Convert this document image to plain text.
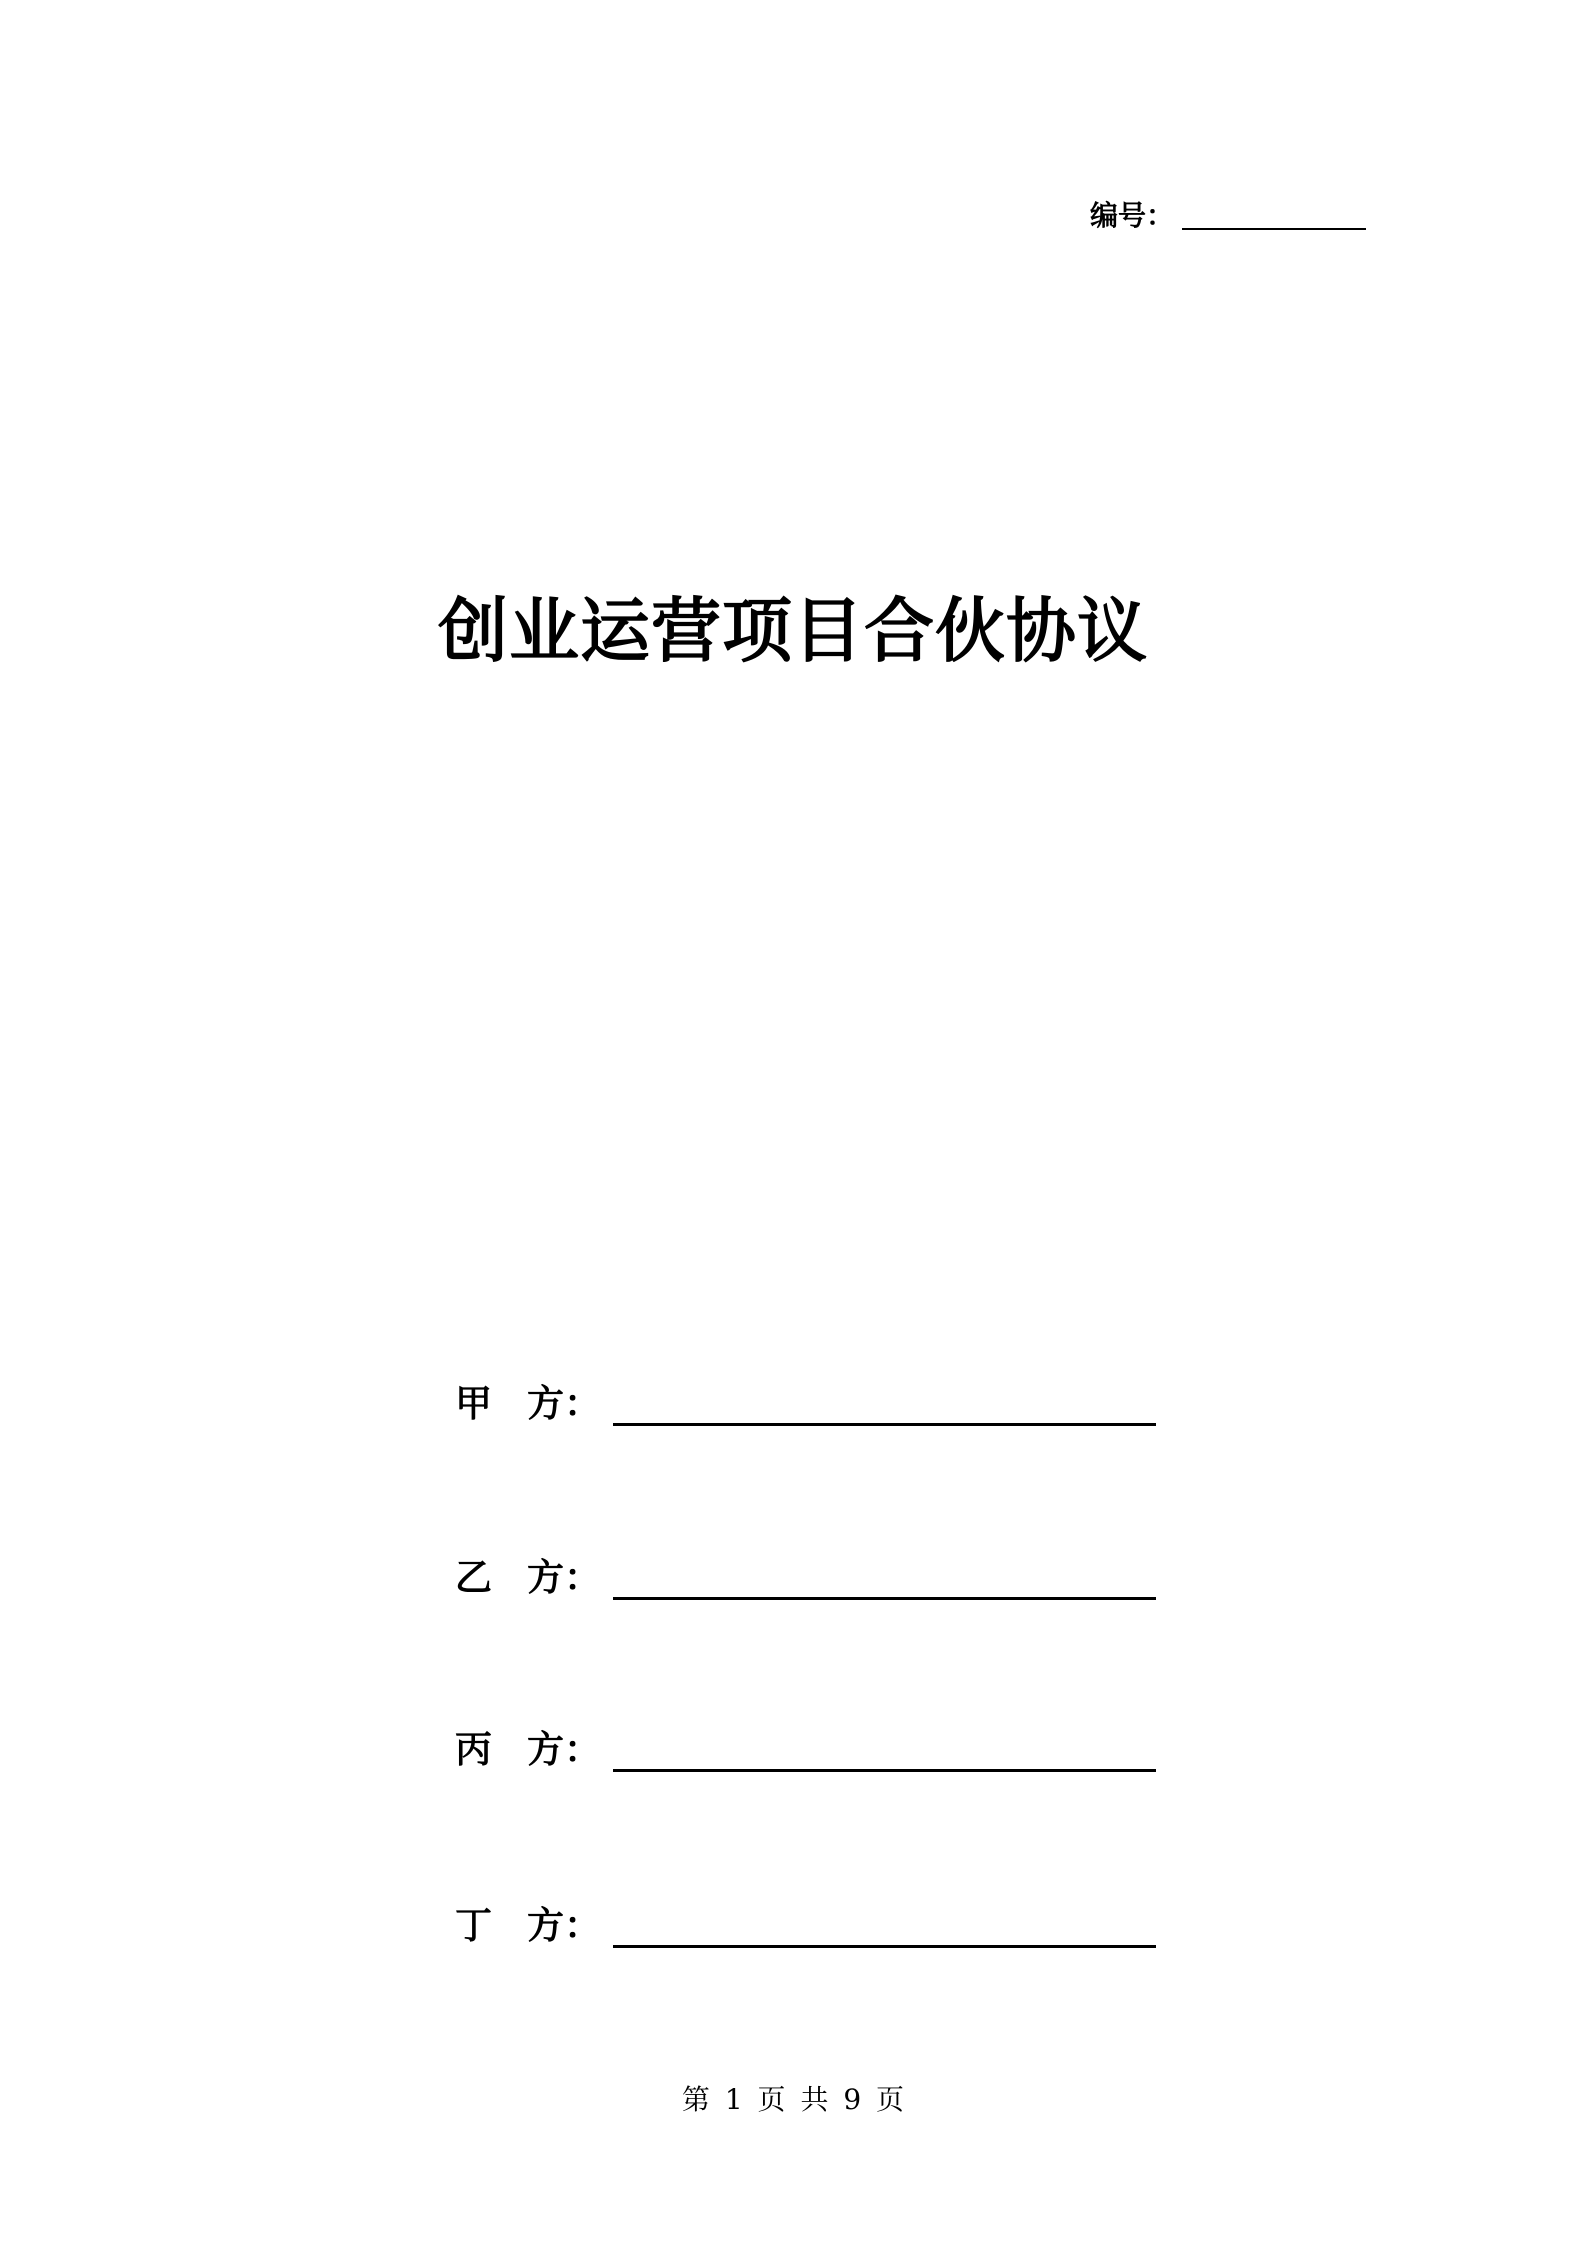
编号：
创业运营项目合伙协议
甲 方：
乙 方：
丙 方：
丁 方：
第 1 页 共 9 页
